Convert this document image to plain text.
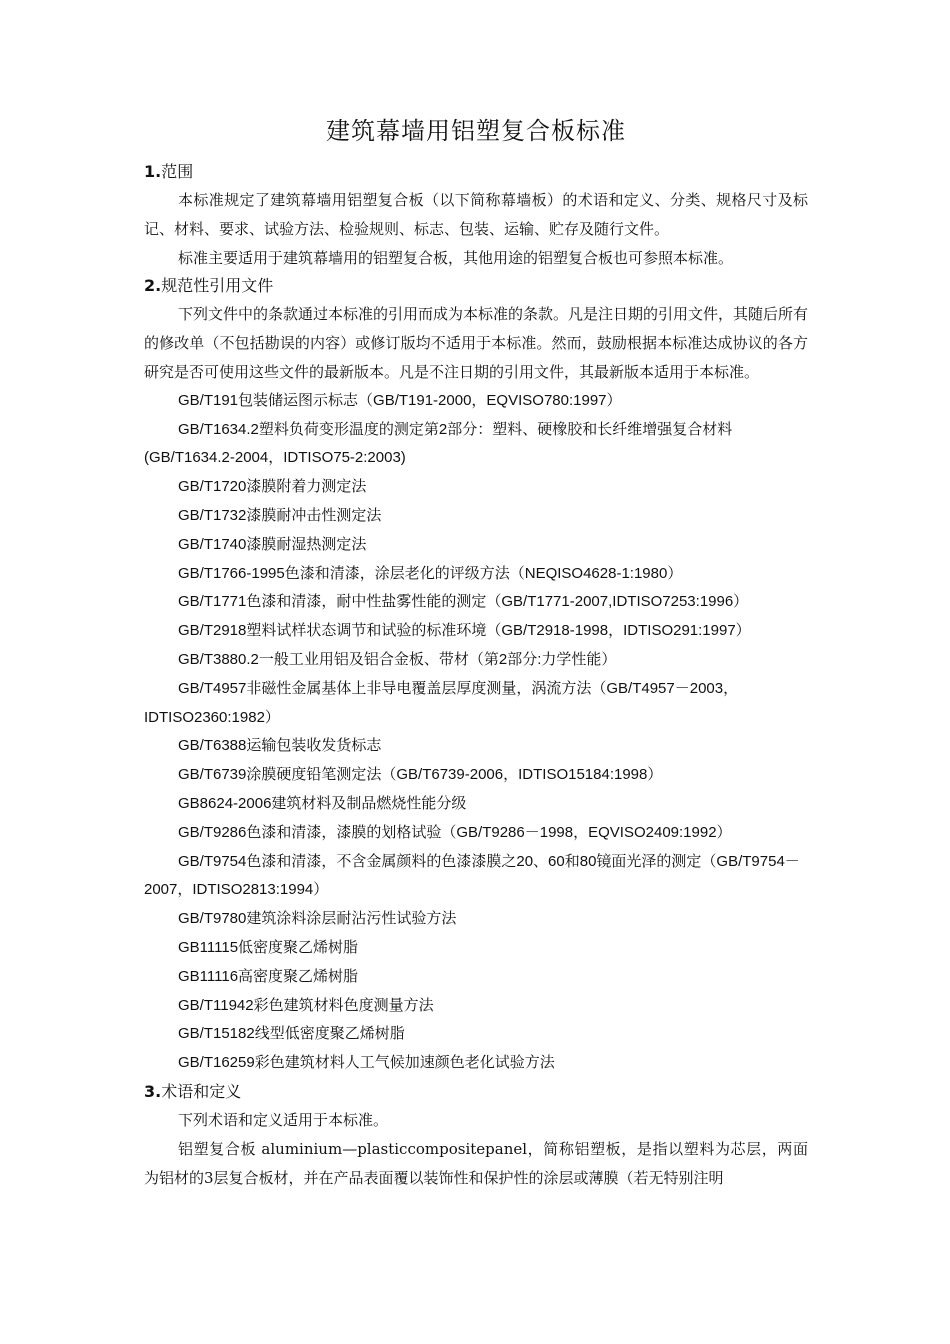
建筑幕墙用铝塑复合板标准
1. 范围

本标准规定了建筑幕墙用铝塑复合板（以下简称幕墙板）的术语和定义、分类、规格尺寸及标记、材料、要求、试验方法、检验规则、标志、包装、运输、贮存及随行文件。

标准主要适用于建筑幕墙用的铝塑复合板，其他用途的铝塑复合板也可参照本标准。

2. 规范性引用文件

下列文件中的条款通过本标准的引用而成为本标准的条款。凡是注日期的引用文件，其随后所有的修改单（不包括勘误的内容）或修订版均不适用于本标准。然而，鼓励根据本标准达成协议的各方研究是否可使用这些文件的最新版本。凡是不注日期的引用文件，其最新版本适用于本标准。

GB/T191包装储运图示标志（GB/T191-2000，EQVISO780:1997）

GB/T1634.2塑料负荷变形温度的测定第2部分：塑料、硬橡胶和长纤维增强复合材料(GB/T1634.2-2004，IDTISO75-2:2003)

GB/T1720漆膜附着力测定法

GB/T1732漆膜耐冲击性测定法

GB/T1740漆膜耐湿热测定法

GB/T1766-1995色漆和清漆，涂层老化的评级方法（NEQISO4628-1:1980）

GB/T1771色漆和清漆，耐中性盐雾性能的测定（GB/T1771-2007,IDTISO7253:1996）

GB/T2918塑料试样状态调节和试验的标准环境（GB/T2918-1998，IDTISO291:1997）

GB/T3880.2一般工业用铝及铝合金板、带材（第2部分:力学性能）

GB/T4957非磁性金属基体上非导电覆盖层厚度测量，涡流方法（GB/T4957－2003，IDTISO2360:1982）

GB/T6388运输包装收发货标志

GB/T6739涂膜硬度铅笔测定法（GB/T6739-2006，IDTISO15184:1998）

GB8624-2006建筑材料及制品燃烧性能分级

GB/T9286色漆和清漆，漆膜的划格试验（GB/T9286－1998，EQVISO2409:1992）

GB/T9754色漆和清漆，不含金属颜料的色漆漆膜之20、60和80镜面光泽的测定（GB/T9754－2007，IDTISO2813:1994）

GB/T9780建筑涂料涂层耐沾污性试验方法

GB11115低密度聚乙烯树脂

GB11116高密度聚乙烯树脂

GB/T11942彩色建筑材料色度测量方法

GB/T15182线型低密度聚乙烯树脂

GB/T16259彩色建筑材料人工气候加速颜色老化试验方法

3. 术语和定义

下列术语和定义适用于本标准。

铝塑复合板 aluminium—plasticcompositepanel，简称铝塑板，是指以塑料为芯层，两面为铝材的3层复合板材，并在产品表面覆以装饰性和保护性的涂层或薄膜（若无特别注明
